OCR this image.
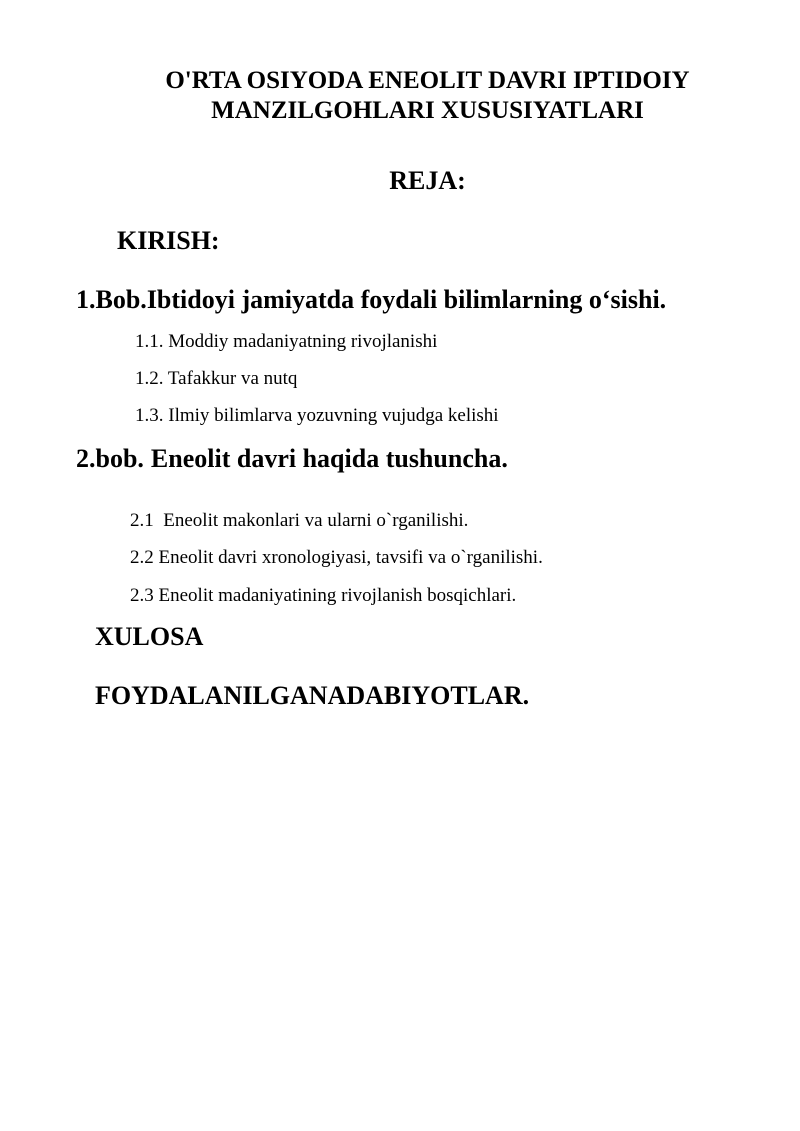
O'RTA OSIYODA ENEOLIT DAVRI IPTIDOIY
MANZILGOHLARI XUSUSIYATLARI
REJA:
KIRISH:
1.Bob.Ibtidoyi jamiyatda foydali bilimlarning o‘sishi.
1.1. Moddiy madaniyatning rivojlanishi
1.2. Tafakkur va nutq
1.3. Ilmiy bilimlarva yozuvning vujudga kelishi
2.bob. Eneolit davri haqida tushuncha.
2.1  Eneolit makonlari va ularni o`rganilishi.
2.2 Eneolit davri xronologiyasi, tavsifi va o`rganilishi.
2.3 Eneolit madaniyatining rivojlanish bosqichlari.
XULOSA
FOYDALANILGANADABIYOTLAR.
